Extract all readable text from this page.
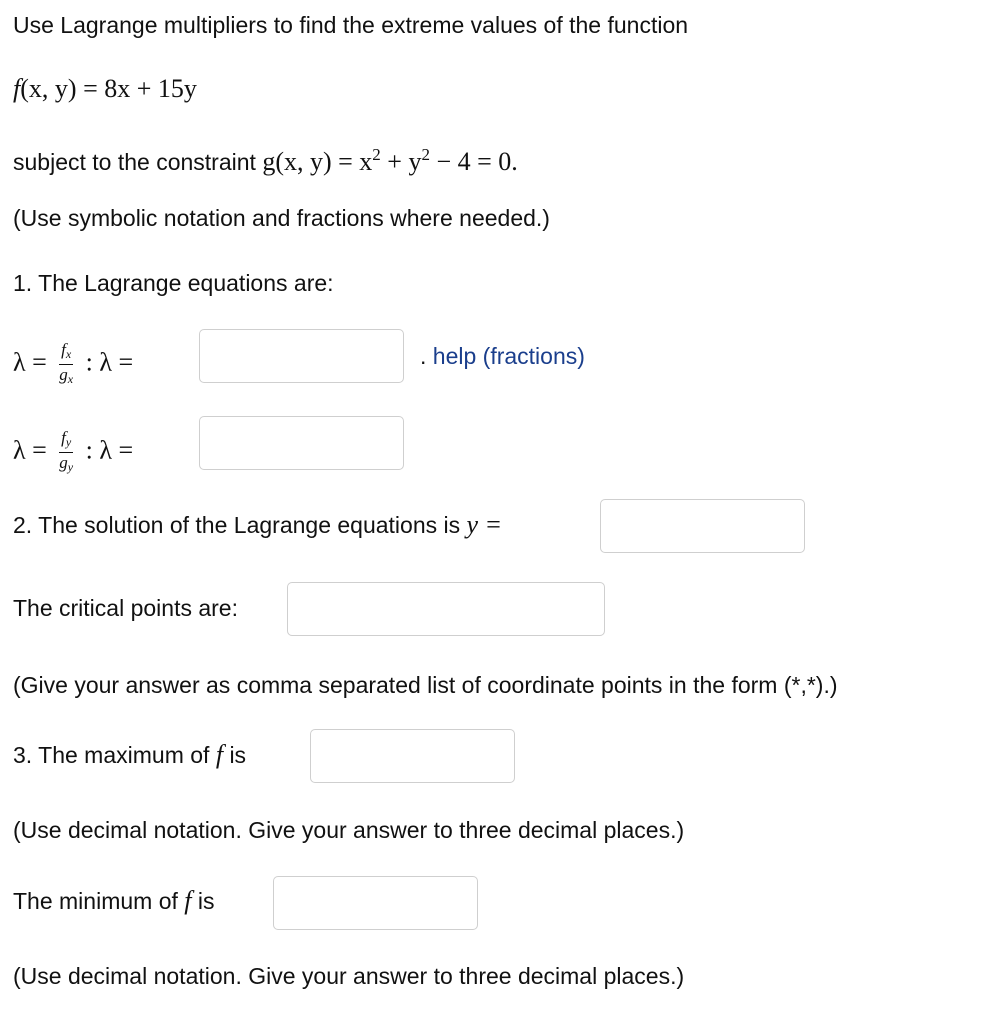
Use Lagrange multipliers to find the extreme values of the function
f(x, y) = 8x + 15y
subject to the constraint g(x, $y) = x^2 + y^2 - 4 = 0$.
(Use symbolic notation and fractions where needed.)
1. The Lagrange equations are:
$\lambda = \frac{f_x}{g_x}$ : λ =	. help (fractions)
$\lambda = \frac{f_y}{g_y}$ : λ =
2. The solution of the Lagrange equations is y =
The critical points are:
(Give your answer as comma separated list of coordinate points in the form (*,*).)
3. The maximum of f is
(Use decimal notation. Give your answer to three decimal places.)
The minimum of f is
(Use decimal notation. Give your answer to three decimal places.)
